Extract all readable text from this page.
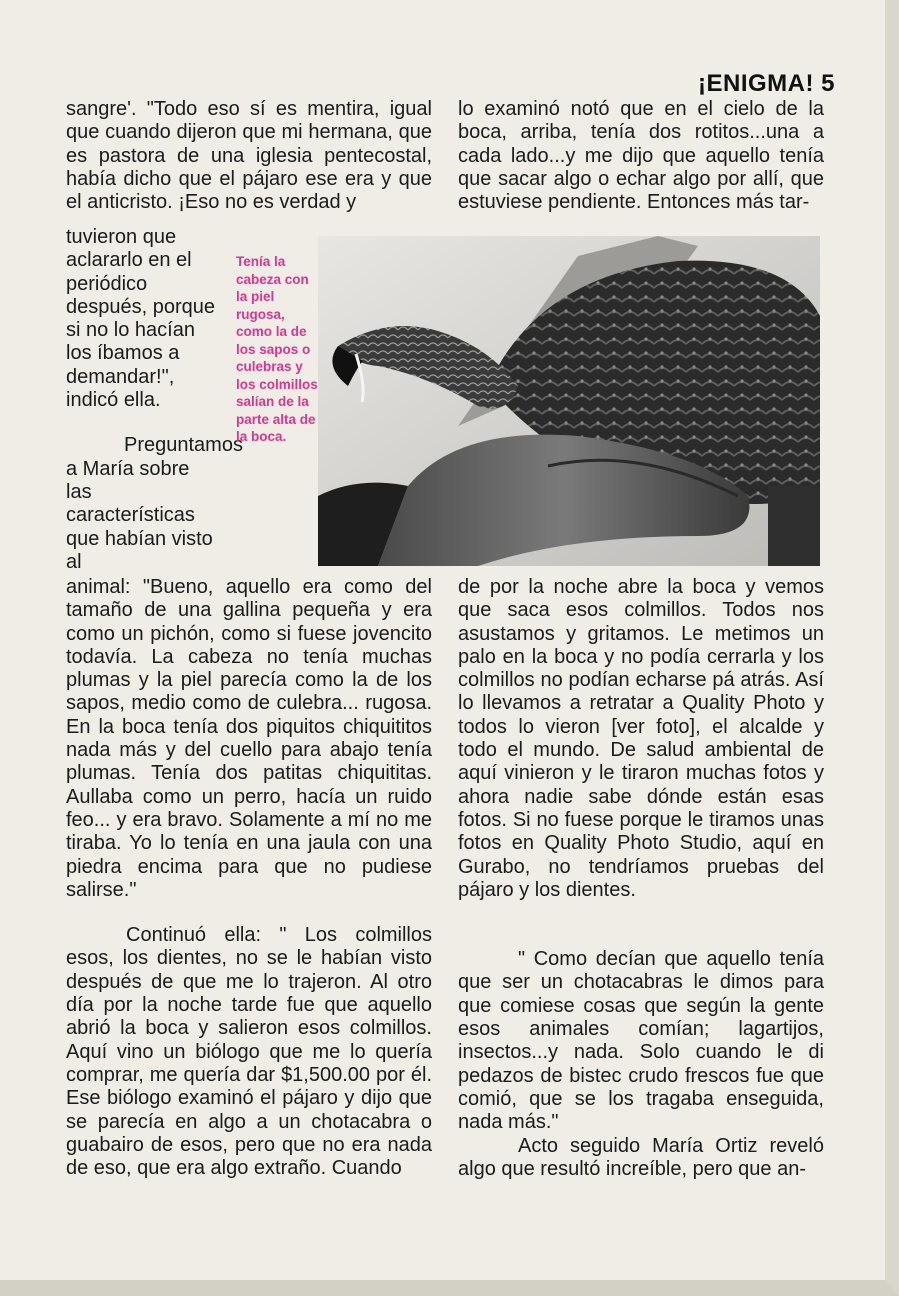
¡ENIGMA! 5

sangre'. "Todo eso sí es mentira, igual que cuando dijeron que mi hermana, que es pastora de una iglesia pentecostal, había dicho que el pájaro ese era y que el anticristo. ¡Eso no es verdad y

tuvieron que aclararlo en el periódico después, porque si no lo hacían los íbamos a demandar!", indicó ella.

Preguntamos a María sobre las características que habían visto al

Tenía la cabeza con la piel rugosa, como la de los sapos o culebras y los colmillos salían de la parte alta de la boca.

animal: "Bueno, aquello era como del tamaño de una gallina pequeña y era como un pichón, como si fuese jovencito todavía. La cabeza no tenía muchas plumas y la piel parecía como la de los sapos, medio como de culebra... rugosa. En la boca tenía dos piquitos chiquititos nada más y del cuello para abajo tenía plumas. Tenía dos patitas chiquititas. Aullaba como un perro, hacía un ruido feo... y era bravo. Solamente a mí no me tiraba. Yo lo tenía en una jaula con una piedra encima para que no pudiese salirse."

Continuó ella: " Los colmillos esos, los dientes, no se le habían visto después de que me lo trajeron. Al otro día por la noche tarde fue que aquello abrió la boca y salieron esos colmillos. Aquí vino un biólogo que me lo quería comprar, me quería dar $1,500.00 por él. Ese biólogo examinó el pájaro y dijo que se parecía en algo a un chotacabra o guabairo de esos, pero que no era nada de eso, que era algo extraño. Cuando

lo examinó notó que en el cielo de la boca, arriba, tenía dos rotitos...una a cada lado...y me dijo que aquello tenía que sacar algo o echar algo por allí, que estuviese pendiente. Entonces más tar-

de por la noche abre la boca y vemos que saca esos colmillos. Todos nos asustamos y gritamos. Le metimos un palo en la boca y no podía cerrarla y los colmillos no podían echarse pá atrás. Así lo llevamos a retratar a Quality Photo y todos lo vieron [ver foto], el alcalde y todo el mundo. De salud ambiental de aquí vinieron y le tiraron muchas fotos y ahora nadie sabe dónde están esas fotos. Si no fuese porque le tiramos unas fotos en Quality Photo Studio, aquí en Gurabo, no tendríamos pruebas del pájaro y los dientes.

" Como decían que aquello tenía que ser un chotacabras le dimos para que comiese cosas que según la gente esos animales comían; lagartijos, insectos...y nada. Solo cuando le di pedazos de bistec crudo frescos fue que comió, que se los tragaba enseguida, nada más."

Acto seguido María Ortiz reveló algo que resultó increíble, pero que an-
